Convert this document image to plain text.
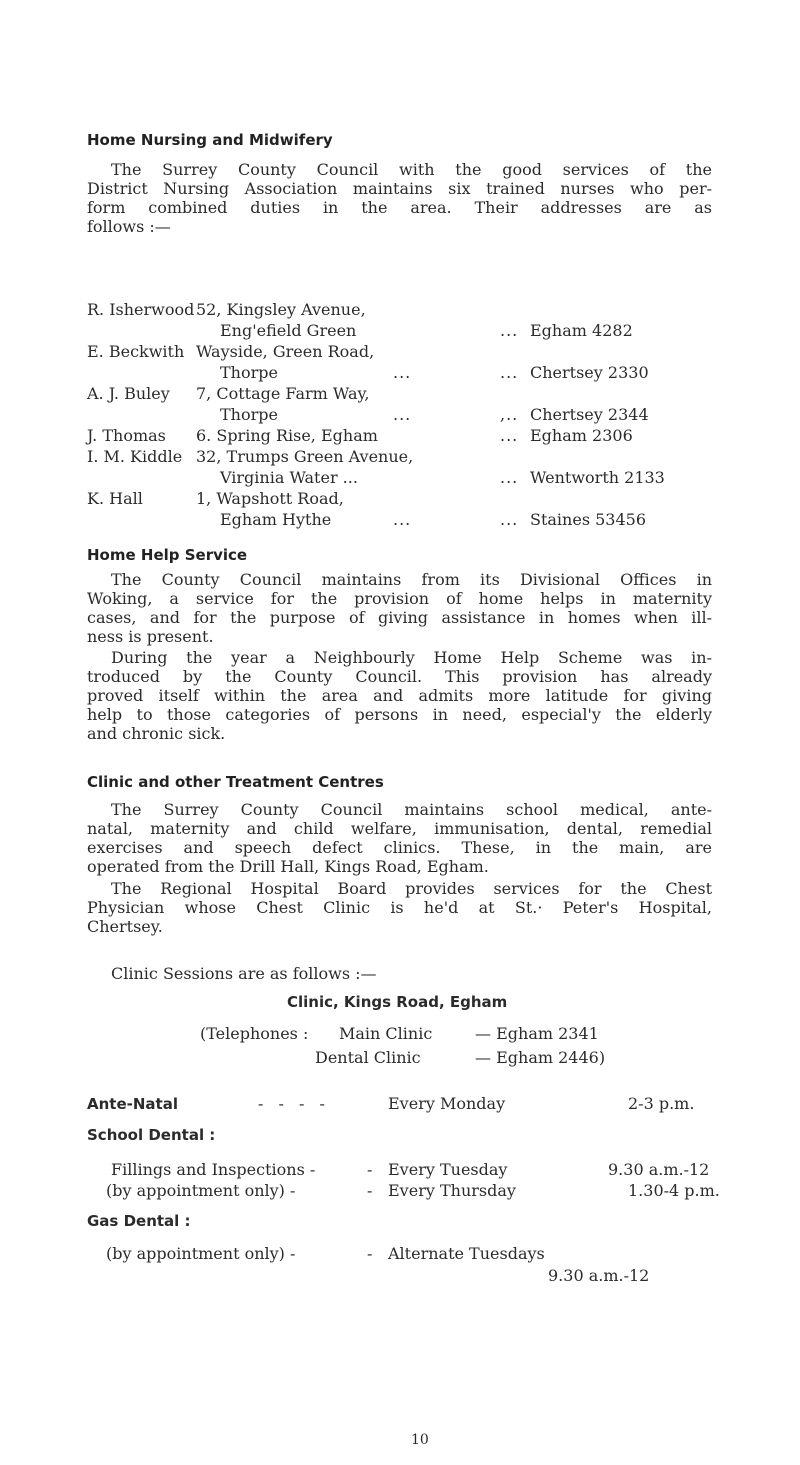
Home Nursing and Midwifery
The Surrey County Council with the good services of the
District Nursing Association maintains six trained nurses who per-
form combined duties in the area. Their addresses are as
follows :—
R. Isherwood 52, Kingsley Avenue,
Eng'efield Green	... Egham 4282
E. Beckwith Wayside, Green Road,
Thorpe	...	... Chertsey 2330
A. J. Buley 7, Cottage Farm Way,
Thorpe	...	,.. Chertsey 2344
J. Thomas 6. Spring Rise, Egham	... Egham 2306
I. M. Kiddle 32, Trumps Green Avenue,
Virginia Water ...	... Wentworth 2133
K. Hall	1, Wapshott Road,
Egham Hythe	...	... Staines 53456
Home Help Service
The County Council maintains from its Divisional Offices in
Woking, a service for the provision of home helps in maternity
cases, and for the purpose of giving assistance in homes when ill-
ness is present.
During the year a Neighbourly Home Help Scheme was in-
troduced by the County Council. This provision has already
proved itself within the area and admits more latitude for giving
help to those categories of persons in need, especial'y the elderly
and chronic sick.
Clinic and other Treatment Centres
The Surrey County Council maintains school medical, ante-
natal, maternity and child welfare, immunisation, dental, remedial
exercises and speech defect clinics. These, in the main, are
operated from the Drill Hall, Kings Road, Egham.
The Regional Hospital Board provides services for the Chest
Physician whose Chest Clinic is he'd at St.· Peter's Hospital,
Chertsey.
Clinic Sessions are as follows :—
Clinic, Kings Road, Egham
(Telephones : Main Clinic	— Egham 2341
Dental Clinic	— Egham 2446)
Ante-Natal	- - - -	Every Monday	2-3 p.m.
School Dental :
Fillings and Inspections -	- Every Tuesday	9.30 a.m.-12
(by appointment only) -	- Every Thursday	1.30-4 p.m.
Gas Dental :
(by appointment only) -	- Alternate Tuesdays
9.30 a.m.-12
10
